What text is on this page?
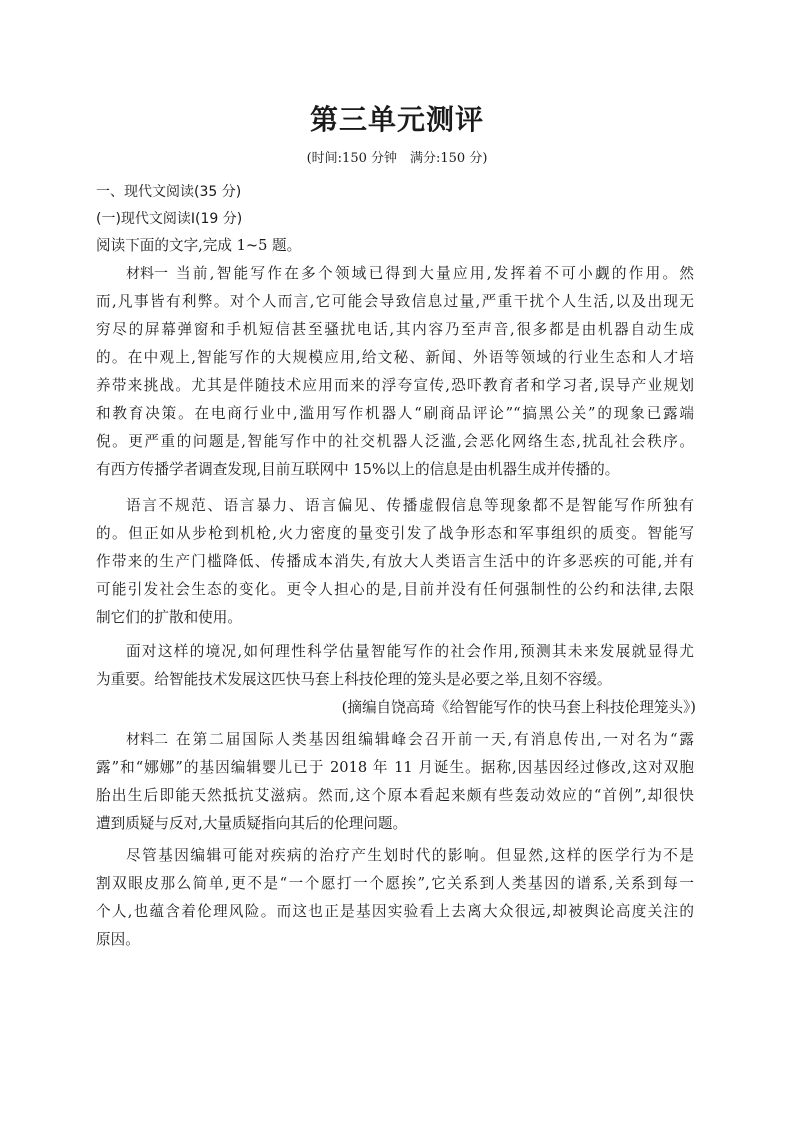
第三单元测评
(时间:150 分钟　满分:150 分)
一、现代文阅读(35 分)
(一)现代文阅读Ⅰ(19 分)
阅读下面的文字,完成 1~5 题。
材料一 当前,智能写作在多个领域已得到大量应用,发挥着不可小觑的作用。然
而,凡事皆有利弊。对个人而言,它可能会导致信息过量,严重干扰个人生活,以及出现无
穷尽的屏幕弹窗和手机短信甚至骚扰电话,其内容乃至声音,很多都是由机器自动生成
的。在中观上,智能写作的大规模应用,给文秘、新闻、外语等领域的行业生态和人才培
养带来挑战。尤其是伴随技术应用而来的浮夸宣传,恐吓教育者和学习者,误导产业规划
和教育决策。在电商行业中,滥用写作机器人“刷商品评论”“搞黑公关”的现象已露端
倪。更严重的问题是,智能写作中的社交机器人泛滥,会恶化网络生态,扰乱社会秩序。
有西方传播学者调查发现,目前互联网中 15%以上的信息是由机器生成并传播的。
语言不规范、语言暴力、语言偏见、传播虚假信息等现象都不是智能写作所独有
的。但正如从步枪到机枪,火力密度的量变引发了战争形态和军事组织的质变。智能写
作带来的生产门槛降低、传播成本消失,有放大人类语言生活中的许多恶疾的可能,并有
可能引发社会生态的变化。更令人担心的是,目前并没有任何强制性的公约和法律,去限
制它们的扩散和使用。
面对这样的境况,如何理性科学估量智能写作的社会作用,预测其未来发展就显得尤
为重要。给智能技术发展这匹快马套上科技伦理的笼头是必要之举,且刻不容缓。
(摘编自饶高琦《给智能写作的快马套上科技伦理笼头》)
材料二 在第二届国际人类基因组编辑峰会召开前一天,有消息传出,一对名为“露
露”和“娜娜”的基因编辑婴儿已于 2018 年 11 月诞生。据称,因基因经过修改,这对双胞
胎出生后即能天然抵抗艾滋病。然而,这个原本看起来颇有些轰动效应的“首例”,却很快
遭到质疑与反对,大量质疑指向其后的伦理问题。
尽管基因编辑可能对疾病的治疗产生划时代的影响。但显然,这样的医学行为不是
割双眼皮那么简单,更不是“一个愿打一个愿挨”,它关系到人类基因的谱系,关系到每一
个人,也蕴含着伦理风险。而这也正是基因实验看上去离大众很远,却被舆论高度关注的
原因。
